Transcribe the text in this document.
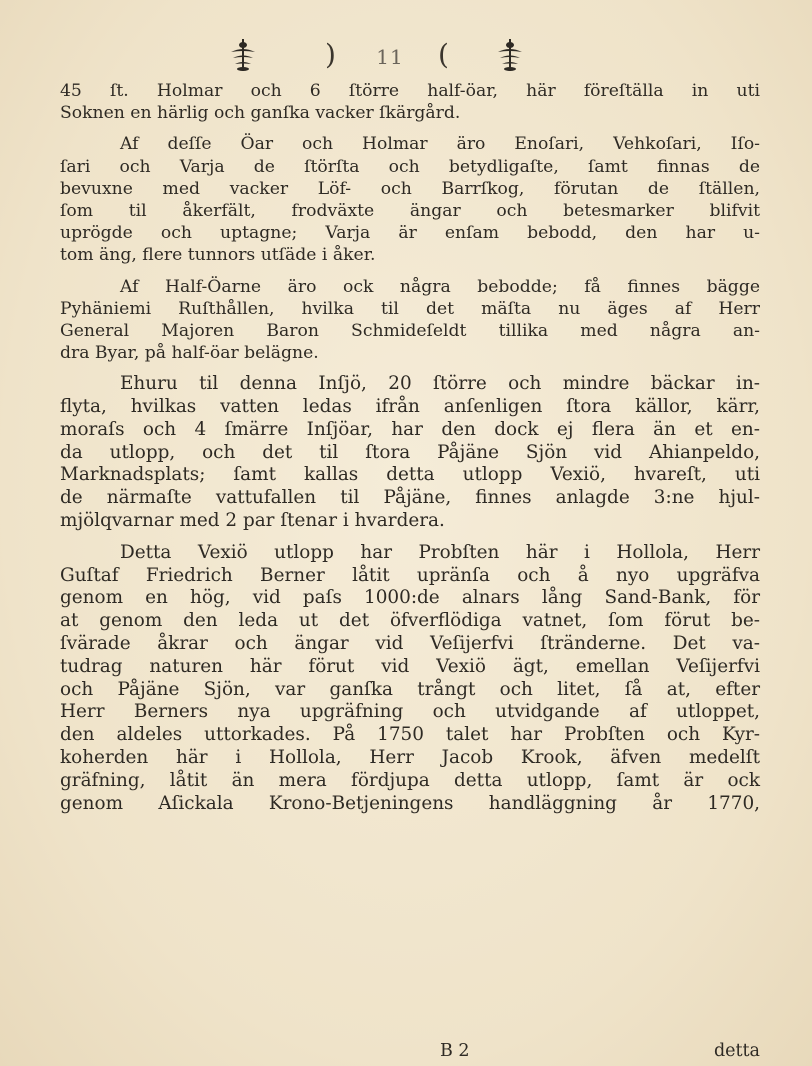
)	11	(
45 ſt. Holmar och 6 ſtörre half-öar, här föreſtälla in uti
Soknen en härlig och ganſka vacker ſkärgård.
Af deſſe Öar och Holmar äro Enoſari, Vehkoſari, Iſo-
ſari och Varja de ſtörſta och betydligaſte, ſamt finnas de
bevuxne med vacker Löf- och Barrſkog, förutan de ſtällen,
ſom til åkerfält, frodväxte ängar och betesmarker blifvit
uprögde och uptagne; Varja är enſam bebodd, den har u-
tom äng, flere tunnors utſäde i åker.
Af Half-Öarne äro ock några bebodde; få finnes bägge
Pyhäniemi Ruſthållen, hvilka til det mäſta nu äges af Herr
General Majoren Baron Schmideſeldt tillika med några an-
dra Byar, på half-öar belägne.
Ehuru til denna Inſjö, 20 ſtörre och mindre bäckar in-
flyta, hvilkas vatten ledas ifrån anſenligen ſtora källor, kärr,
moraſs och 4 ſmärre Inſjöar, har den dock ej flera än et en-
da utlopp, och det til ſtora Påjäne Sjön vid Ahianpeldo,
Marknadsplats; ſamt kallas detta utlopp Vexiö, hvareſt, uti
de närmaſte vattufallen til Påjäne, finnes anlagde 3:ne hjul-
mjölqvarnar med 2 par ſtenar i hvardera.
Detta Vexiö utlopp har Probſten här i Hollola, Herr
Guſtaf Friedrich Berner låtit upränſa och å nyo upgräfva
genom en hög, vid paſs 1000:de alnars lång Sand-Bank, för
at genom den leda ut det öfverflödiga vatnet, ſom förut be-
ſvärade åkrar och ängar vid Veſijerfvi ſtränderne. Det va-
tudrag naturen här förut vid Vexiö ägt, emellan Veſijerfvi
och Påjäne Sjön, var ganſka trångt och litet, ſå at, efter
Herr Berners nya upgräfning och utvidgande af utloppet,
den aldeles uttorkades. På 1750 talet har Probſten och Kyr-
koherden här i Hollola, Herr Jacob Krook, äfven medelſt
gräfning, låtit än mera fördjupa detta utlopp, ſamt är ock
genom Aſickala Krono-Betjeningens handläggning år 1770,
B 2	detta
